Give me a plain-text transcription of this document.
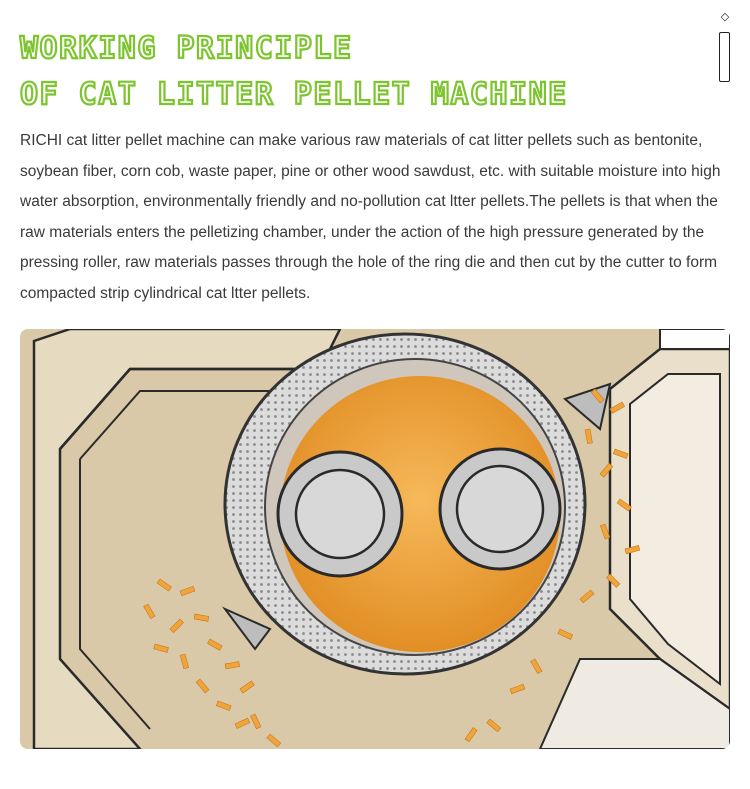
WORKING PRINCIPLE
OF CAT LITTER PELLET MACHINE

RICHI cat litter pellet machine can make various raw materials of cat litter pellets such as bentonite, soybean fiber, corn cob, waste paper, pine or other wood sawdust, etc. with suitable moisture into high water absorption, environmentally friendly and no-pollution cat ltter pellets.The pellets is that when the raw materials enters the pelletizing chamber, under the action of the high pressure generated by the pressing roller, raw materials passes through the hole of the ring die and then cut by the cutter to form compacted strip cylindrical cat ltter pellets.

◇
